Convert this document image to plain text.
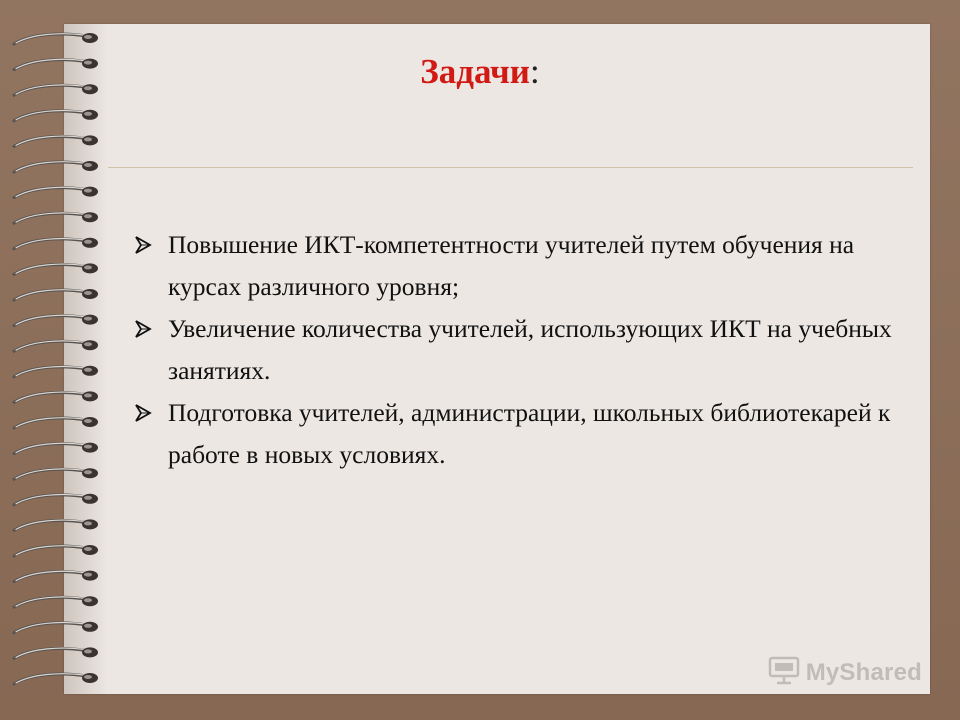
Задачи:
Повышение ИКТ-компетентности учителей путем обучения на курсах различного уровня;
Увеличение количества учителей, использующих ИКТ на учебных занятиях.
Подготовка учителей, администрации, школьных библиотекарей к работе в новых условиях.
MyShared
